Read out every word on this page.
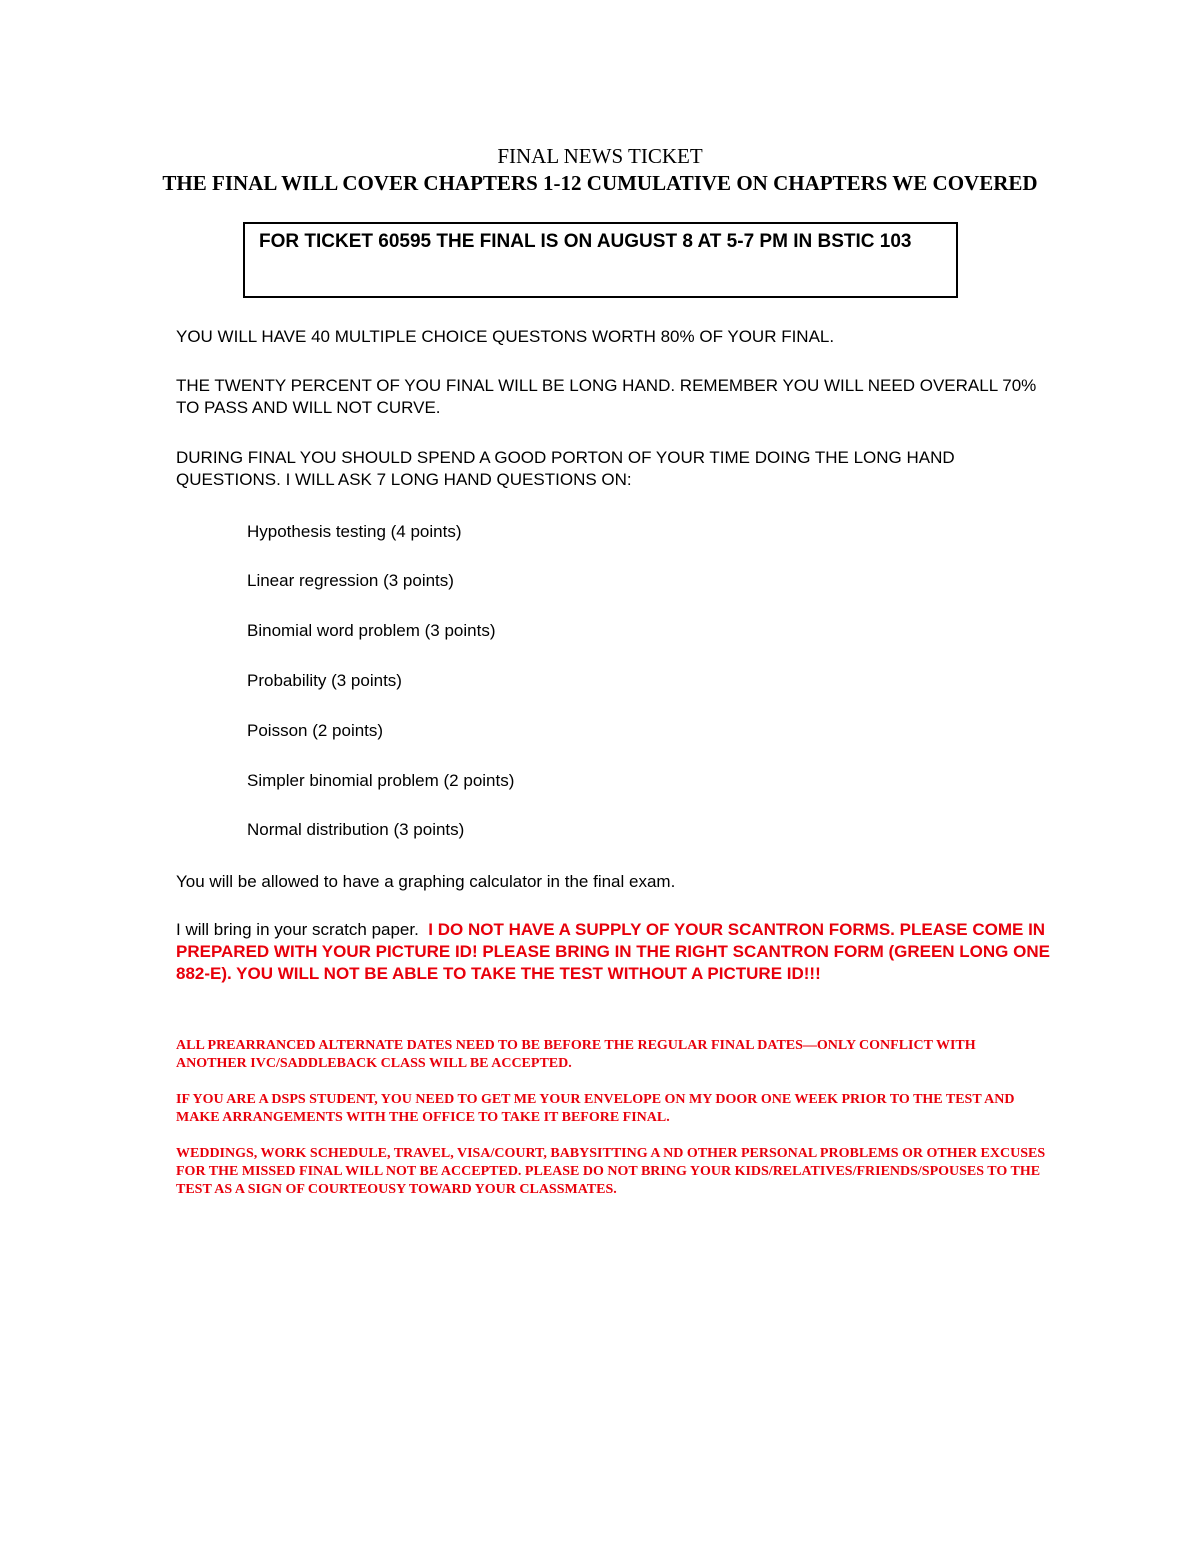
FINAL NEWS TICKET
THE FINAL WILL COVER CHAPTERS 1-12 CUMULATIVE ON CHAPTERS WE COVERED
FOR TICKET 60595 THE FINAL IS ON AUGUST 8 AT 5-7 PM IN BSTIC 103

YOU WILL HAVE 40 MULTIPLE CHOICE QUESTONS WORTH 80% OF YOUR FINAL.

THE TWENTY PERCENT OF YOU FINAL WILL BE LONG HAND. REMEMBER YOU WILL NEED OVERALL 70% TO PASS AND WILL NOT CURVE.

DURING FINAL YOU SHOULD SPEND A GOOD PORTON OF YOUR TIME DOING THE LONG HAND QUESTIONS. I WILL ASK 7 LONG HAND QUESTIONS ON:

Hypothesis testing (4 points)
Linear regression (3 points)
Binomial word problem (3 points)
Probability (3 points)
Poisson (2 points)
Simpler binomial problem (2 points)
Normal distribution (3 points)

You will be allowed to have a graphing calculator in the final exam.

I will bring in your scratch paper. I DO NOT HAVE A SUPPLY OF YOUR SCANTRON FORMS. PLEASE COME IN PREPARED WITH YOUR PICTURE ID! PLEASE BRING IN THE RIGHT SCANTRON FORM (GREEN LONG ONE 882-E). YOU WILL NOT BE ABLE TO TAKE THE TEST WITHOUT A PICTURE ID!!!

ALL PREARRANCED ALTERNATE DATES NEED TO BE BEFORE THE REGULAR FINAL DATES—ONLY CONFLICT WITH ANOTHER IVC/SADDLEBACK CLASS WILL BE ACCEPTED.

IF YOU ARE A DSPS STUDENT, YOU NEED TO GET ME YOUR ENVELOPE ON MY DOOR ONE WEEK PRIOR TO THE TEST AND MAKE ARRANGEMENTS WITH THE OFFICE TO TAKE IT BEFORE FINAL.

WEDDINGS, WORK SCHEDULE, TRAVEL, VISA/COURT, BABYSITTING A ND OTHER PERSONAL PROBLEMS OR OTHER EXCUSES FOR THE MISSED FINAL WILL NOT BE ACCEPTED. PLEASE DO NOT BRING YOUR KIDS/RELATIVES/FRIENDS/SPOUSES TO THE TEST AS A SIGN OF COURTEOUSY TOWARD YOUR CLASSMATES.
